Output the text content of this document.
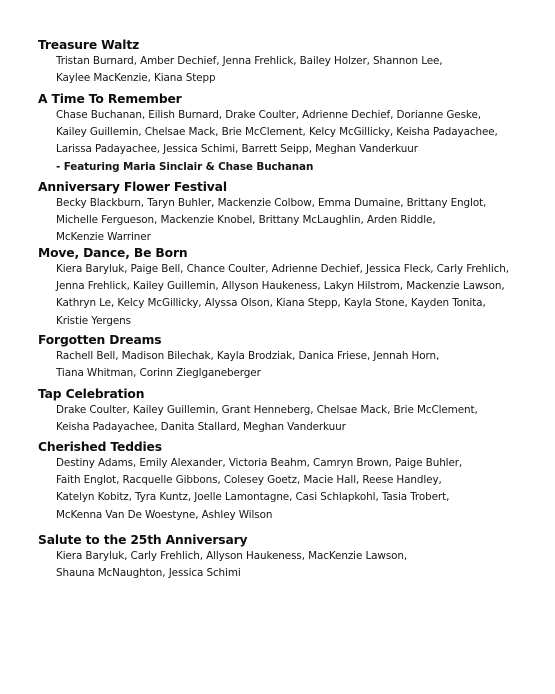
Treasure Waltz
Tristan Burnard, Amber Dechief, Jenna Frehlick, Bailey Holzer, Shannon Lee,
Kaylee MacKenzie, Kiana Stepp
A Time To Remember
Chase Buchanan, Eilish Burnard, Drake Coulter, Adrienne Dechief, Dorianne Geske,
Kailey Guillemin, Chelsae Mack, Brie McClement, Kelcy McGillicky, Keisha Padayachee,
Larissa Padayachee, Jessica Schimi, Barrett Seipp, Meghan Vanderkuur
- Featuring Maria Sinclair & Chase Buchanan
Anniversary Flower Festival
Becky Blackburn, Taryn Buhler, Mackenzie Colbow, Emma Dumaine, Brittany Englot,
Michelle Fergueson, Mackenzie Knobel, Brittany McLaughlin, Arden Riddle,
McKenzie Warriner
Move, Dance, Be Born
Kiera Baryluk, Paige Bell, Chance Coulter, Adrienne Dechief, Jessica Fleck, Carly Frehlich,
Jenna Frehlick, Kailey Guillemin, Allyson Haukeness, Lakyn Hilstrom, Mackenzie Lawson,
Kathryn Le, Kelcy McGillicky, Alyssa Olson, Kiana Stepp, Kayla Stone, Kayden Tonita,
Kristie Yergens
Forgotten Dreams
Rachell Bell, Madison Bilechak, Kayla Brodziak, Danica Friese, Jennah Horn,
Tiana Whitman, Corinn Zieglganeberger
Tap Celebration
Drake Coulter, Kailey Guillemin, Grant Henneberg, Chelsae Mack, Brie McClement,
Keisha Padayachee, Danita Stallard, Meghan Vanderkuur
Cherished Teddies
Destiny Adams, Emily Alexander, Victoria Beahm, Camryn Brown, Paige Buhler,
Faith Englot, Racquelle Gibbons, Colesey Goetz, Macie Hall, Reese Handley,
Katelyn Kobitz, Tyra Kuntz, Joelle Lamontagne, Casi Schlapkohl, Tasia Trobert,
McKenna Van De Woestyne, Ashley Wilson
Salute to the 25th Anniversary
Kiera Baryluk, Carly Frehlich, Allyson Haukeness, MacKenzie Lawson,
Shauna McNaughton, Jessica Schimi
